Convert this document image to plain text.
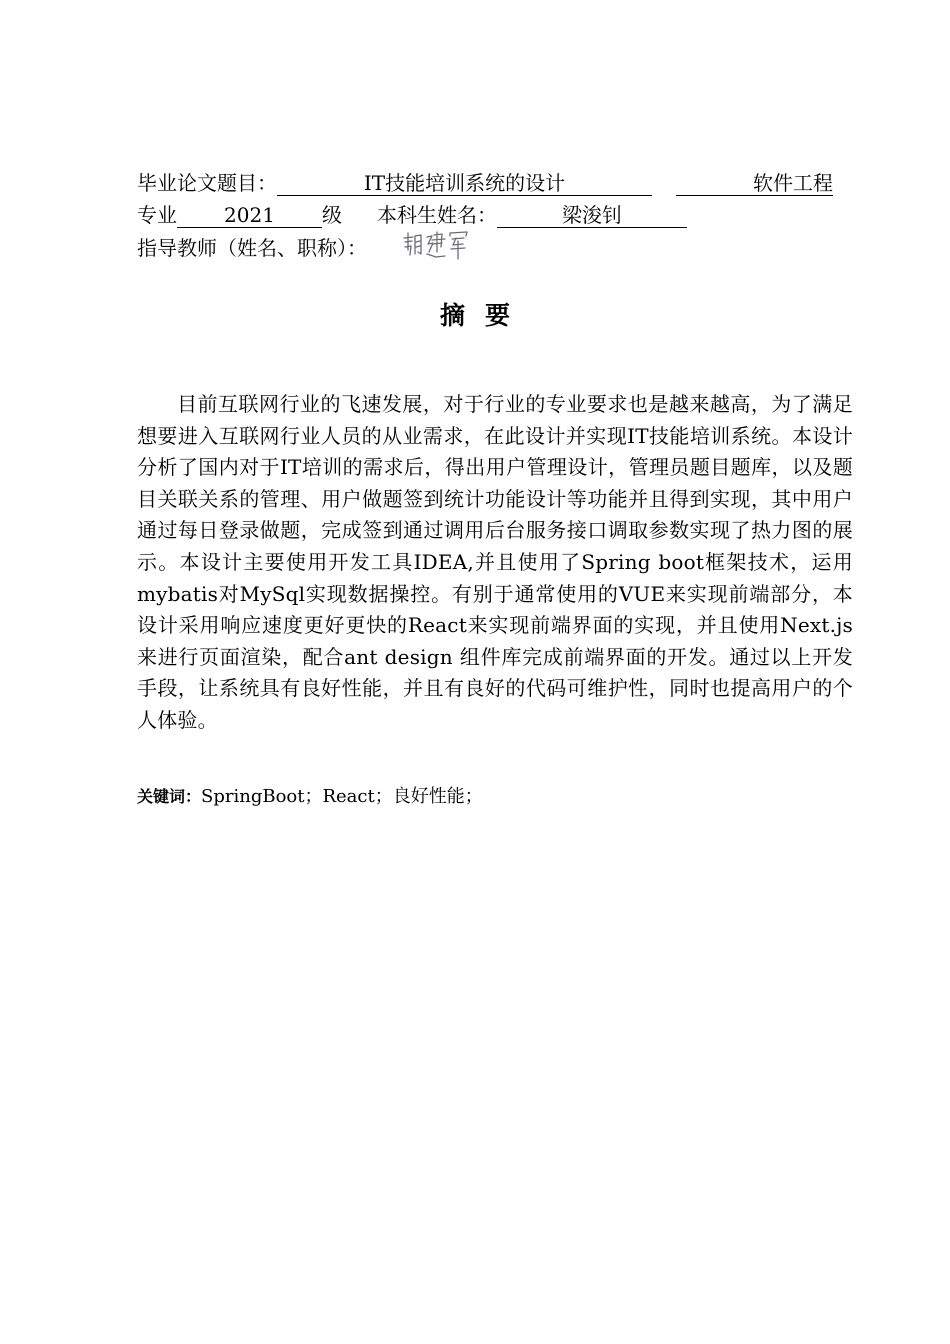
毕业论文题目：	IT技能培训系统的设计	软件工程
专业 2021 级 本科生姓名：	梁浚钊
指导教师（姓名、职称）：
摘要
目前互联网行业的飞速发展，对于行业的专业要求也是越来越高，为了满足想要进入互联网行业人员的从业需求，在此设计并实现IT技能培训系统。本设计分析了国内对于IT培训的需求后，得出用户管理设计，管理员题目题库，以及题目关联关系的管理、用户做题签到统计功能设计等功能并且得到实现，其中用户通过每日登录做题，完成签到通过调用后台服务接口调取参数实现了热力图的展示。本设计主要使用开发工具IDEA,并且使用了Spring boot框架技术，运用mybatis对MySql实现数据操控。有别于通常使用的VUE来实现前端部分，本设计采用响应速度更好更快的React来实现前端界面的实现，并且使用Next.js来进行页面渲染，配合ant design 组件库完成前端界面的开发。通过以上开发手段，让系统具有良好性能，并且有良好的代码可维护性，同时也提高用户的个人体验。
关键词：SpringBoot；React；良好性能；
